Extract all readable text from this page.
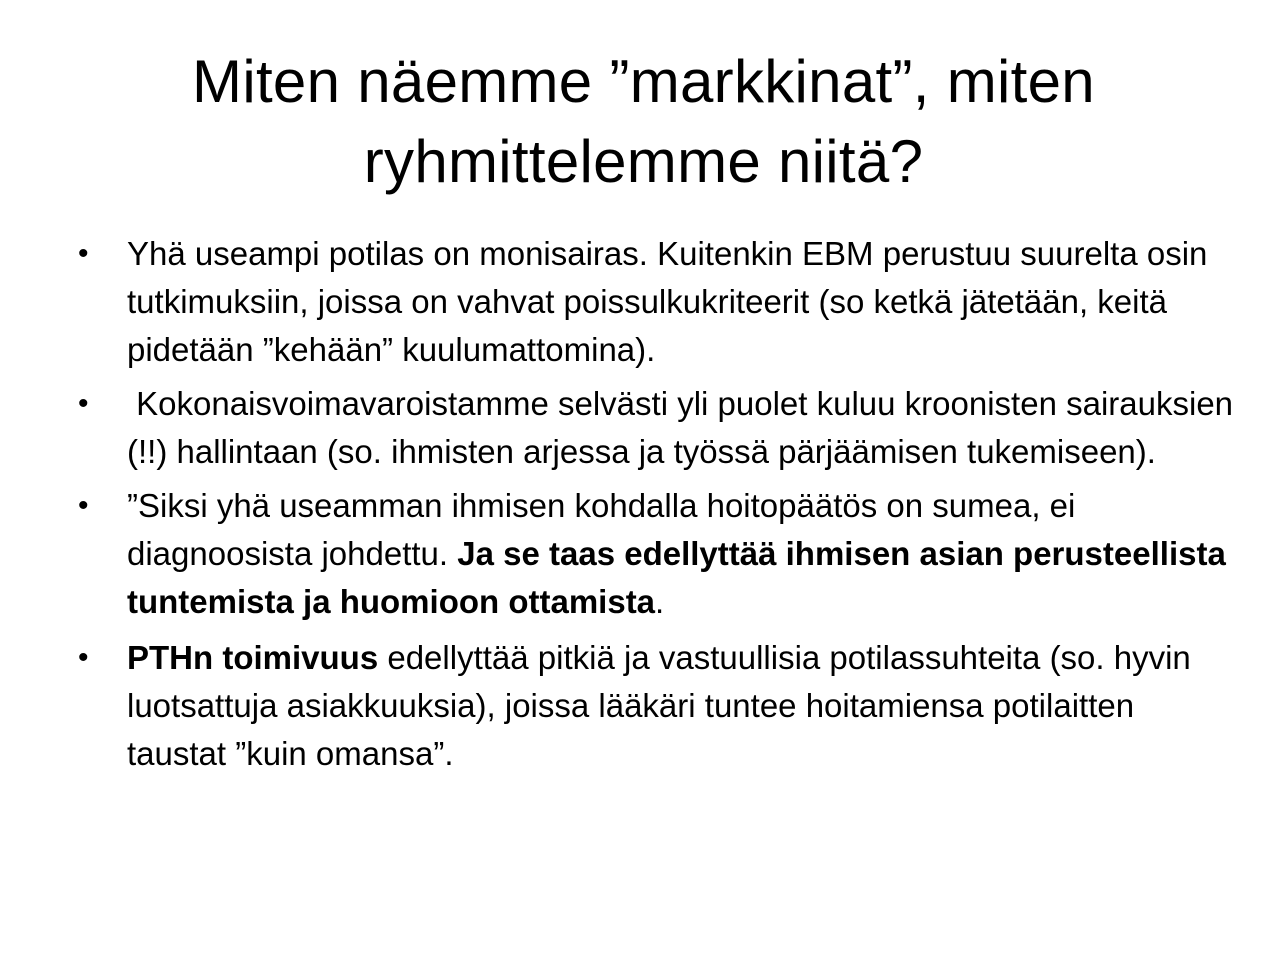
Miten näemme ”markkinat”, miten ryhmittelemme niitä?
• Yhä useampi potilas on monisairas. Kuitenkin EBM perustuu suurelta osin tutkimuksiin, joissa on vahvat poissulkukriteerit (so ketkä jätetään, keitä pidetään ”kehään” kuulumattomina).
• Kokonaisvoimavaroistamme selvästi yli puolet kuluu kroonisten sairauksien (!!) hallintaan (so. ihmisten arjessa ja työssä pärjäämisen tukemiseen).
• ”Siksi yhä useamman ihmisen kohdalla hoitopäätös on sumea, ei diagnoosista johdettu. Ja se taas edellyttää ihmisen asian perusteellista tuntemista ja huomioon ottamista.
• PTHn toimivuus edellyttää pitkiä ja vastuullisia potilassuhteita (so. hyvin luotsattuja asiakkuuksia), joissa lääkäri tuntee hoitamiensa potilaitten taustat ”kuin omansa”.
